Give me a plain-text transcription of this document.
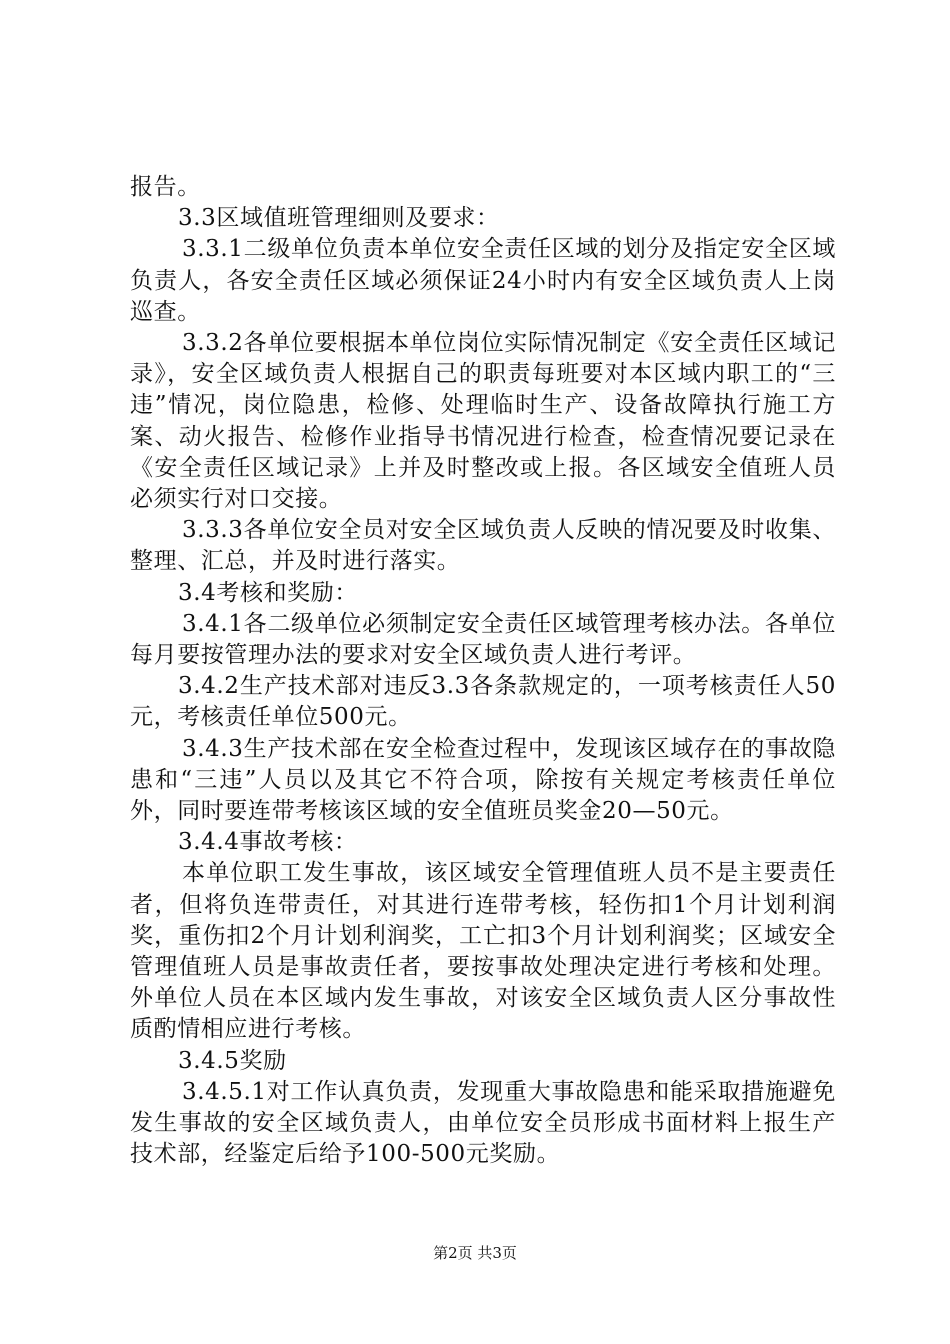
报告。

3.3区域值班管理细则及要求：

3.3.1二级单位负责本单位安全责任区域的划分及指定安全区域负责人，各安全责任区域必须保证24小时内有安全区域负责人上岗巡查。

3.3.2各单位要根据本单位岗位实际情况制定《安全责任区域记录》，安全区域负责人根据自己的职责每班要对本区域内职工的“三违”情况，岗位隐患，检修、处理临时生产、设备故障执行施工方案、动火报告、检修作业指导书情况进行检查，检查情况要记录在《安全责任区域记录》上并及时整改或上报。各区域安全值班人员必须实行对口交接。

3.3.3各单位安全员对安全区域负责人反映的情况要及时收集、整理、汇总，并及时进行落实。

3.4考核和奖励：

3.4.1各二级单位必须制定安全责任区域管理考核办法。各单位每月要按管理办法的要求对安全区域负责人进行考评。

3.4.2生产技术部对违反3.3各条款规定的，一项考核责任人50元，考核责任单位500元。

3.4.3生产技术部在安全检查过程中，发现该区域存在的事故隐患和“三违”人员以及其它不符合项，除按有关规定考核责任单位外，同时要连带考核该区域的安全值班员奖金20—50元。

3.4.4事故考核：

本单位职工发生事故，该区域安全管理值班人员不是主要责任者，但将负连带责任，对其进行连带考核，轻伤扣1个月计划利润奖，重伤扣2个月计划利润奖，工亡扣3个月计划利润奖；区域安全管理值班人员是事故责任者，要按事故处理决定进行考核和处理。外单位人员在本区域内发生事故，对该安全区域负责人区分事故性质酌情相应进行考核。

3.4.5奖励

3.4.5.1对工作认真负责，发现重大事故隐患和能采取措施避免发生事故的安全区域负责人，由单位安全员形成书面材料上报生产技术部，经鉴定后给予100-500元奖励。

第2页 共3页
